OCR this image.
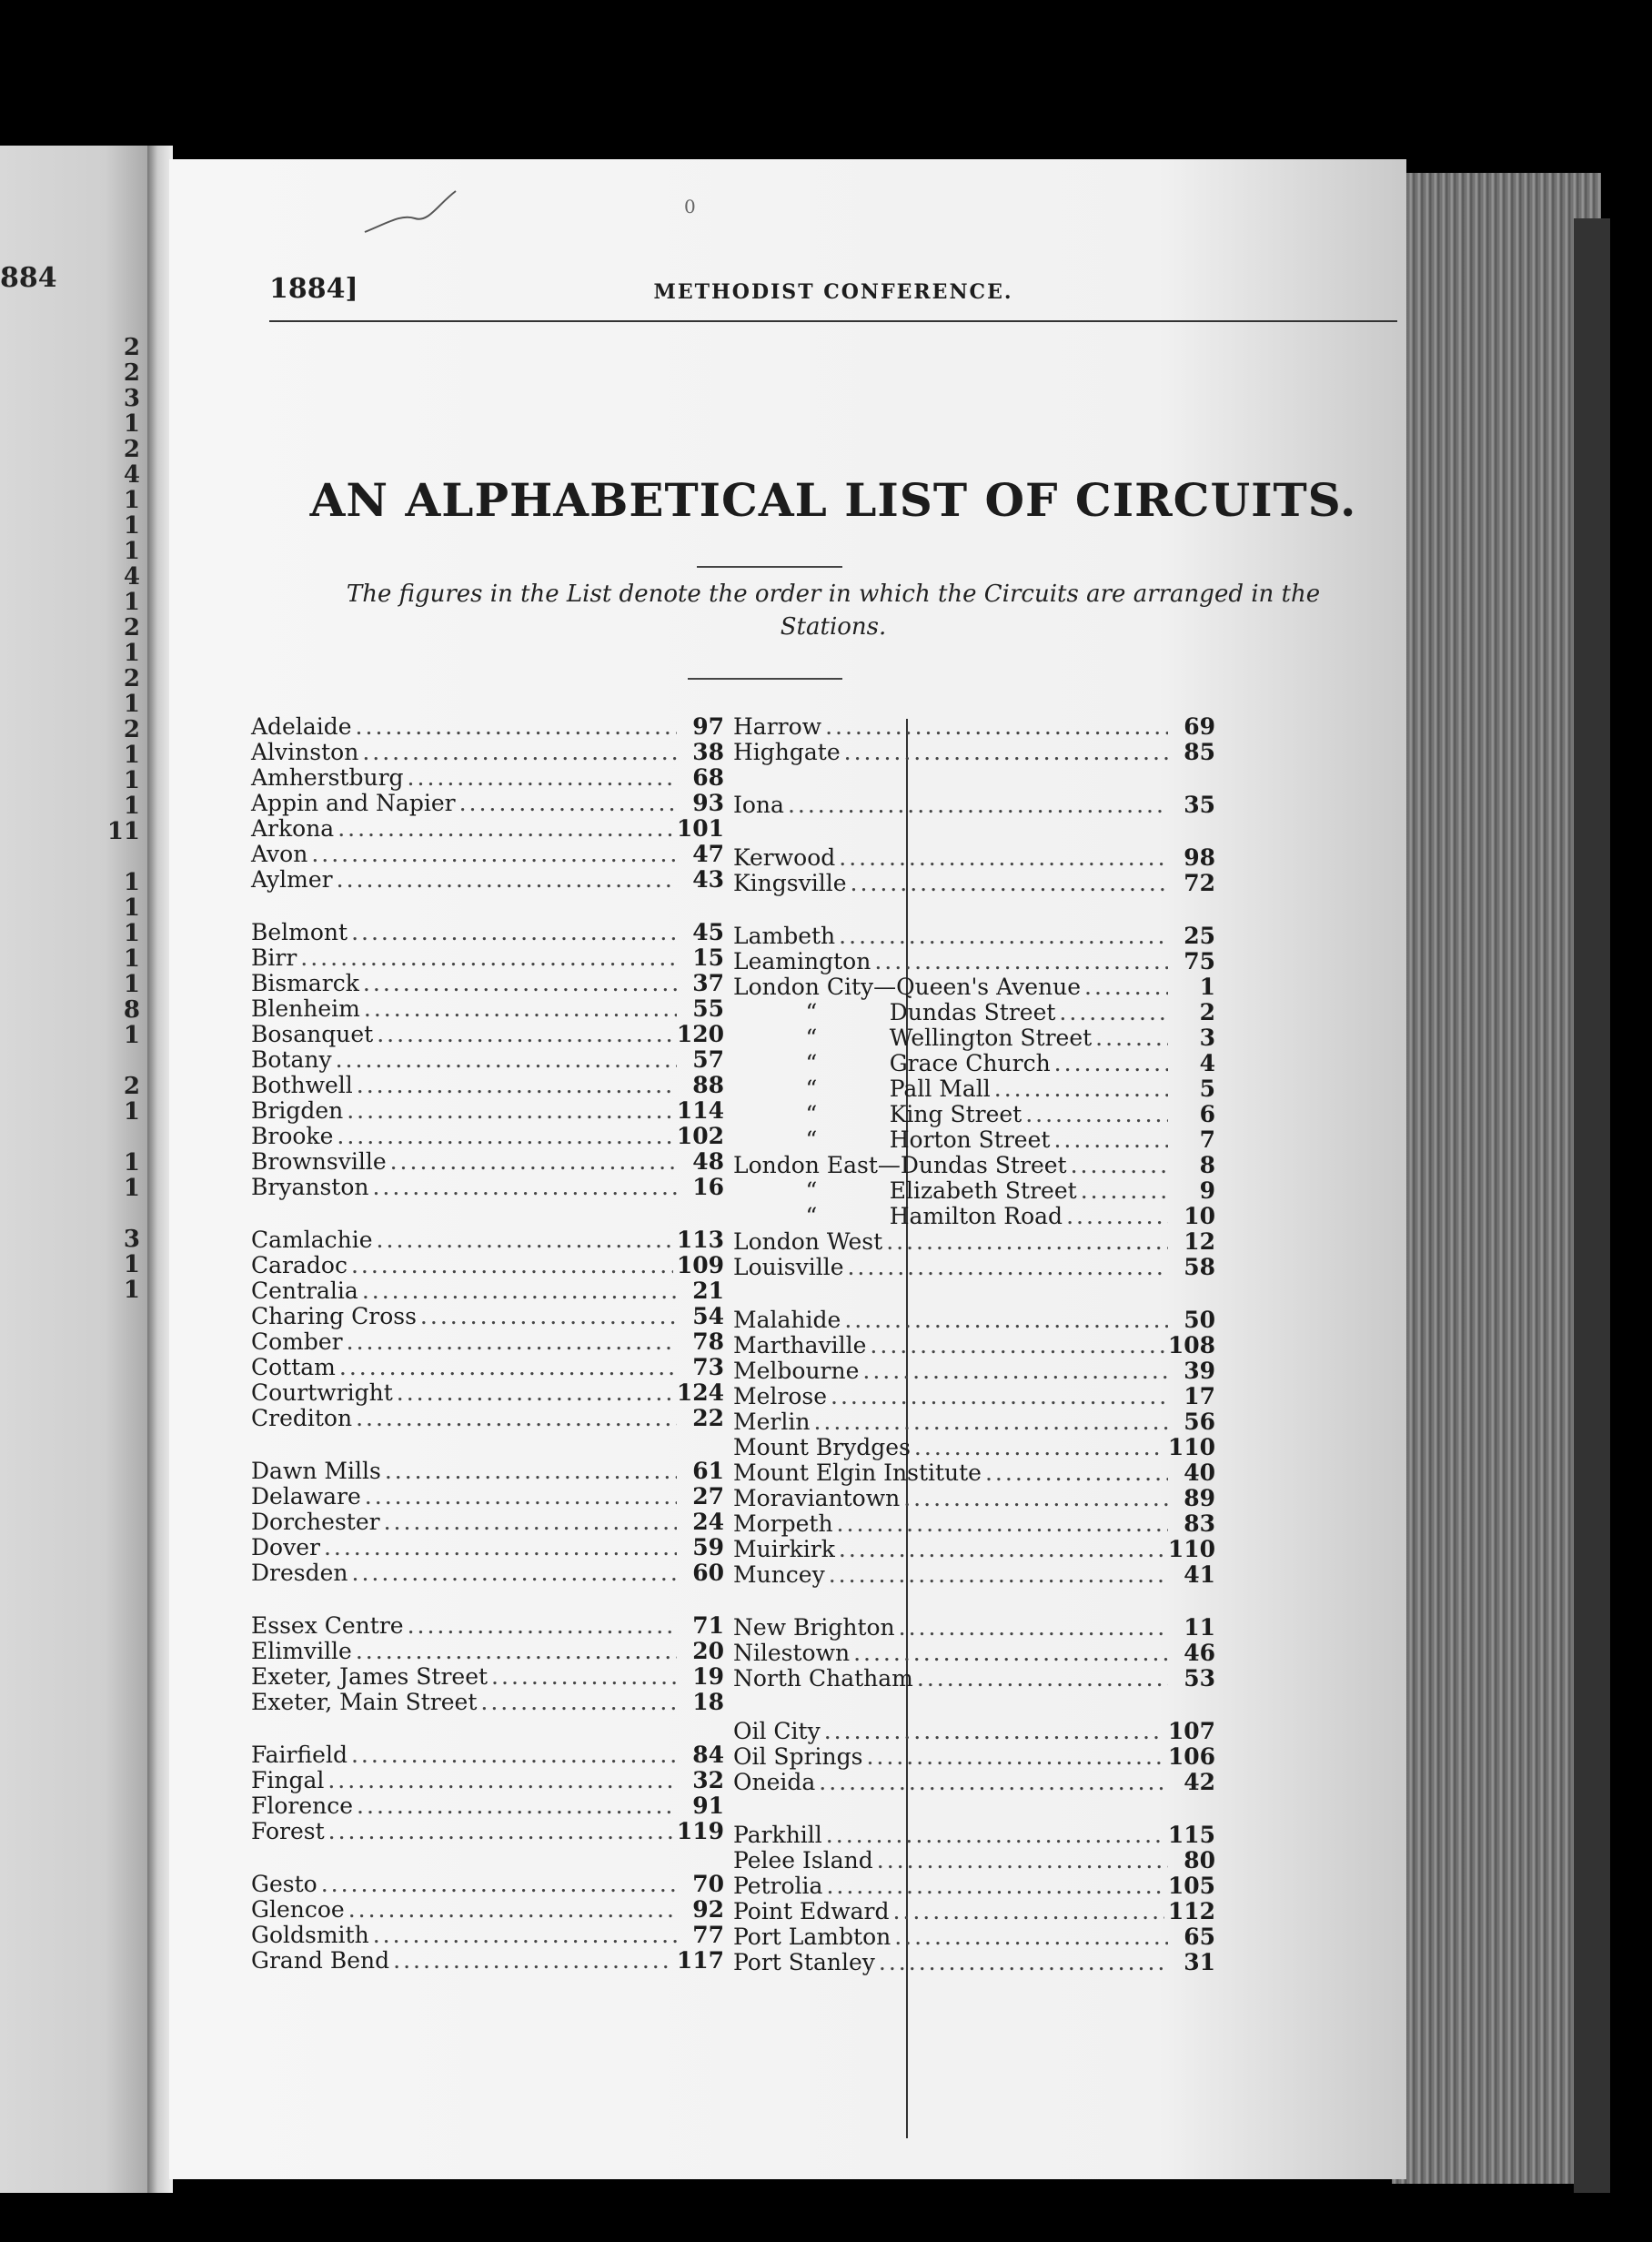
884
2
2
3
1
2
4
1
1
1
4
1
2
1
2
1
2
1
1
1
11
1
1
1
1
1
8
1
2
1
1
1
3
1
1
0
1884]	METHODIST CONFERENCE.
AN ALPHABETICAL LIST OF CIRCUITS.
The figures in the List denote the order in which the Circuits are arranged in the Stations.
Adelaide .....	97
Alvinston .....	38
Amherstburg .....	68
Appin and Napier .....	93
Arkona .....	101
Avon .....	47
Aylmer .....	43
Belmont .....	45
Birr .....	15
Bismarck .....	37
Blenheim .....	55
Bosanquet .....	120
Botany .....	57
Bothwell .....	88
Brigden .....	114
Brooke .....	102
Brownsville .....	48
Bryanston .....	16
Camlachie .....	113
Caradoc .....	109
Centralia .....	21
Charing Cross .....	54
Comber .....	78
Cottam .....	73
Courtwright .....	124
Crediton .....	22
Dawn Mills .....	61
Delaware .....	27
Dorchester .....	24
Dover .....	59
Dresden .....	60
Essex Centre .....	71
Elimville .....	20
Exeter, James Street .....	19
Exeter, Main Street .....	18
Fairfield .....	84
Fingal .....	32
Florence .....	91
Forest .....	119
Gesto .....	70
Glencoe .....	92
Goldsmith .....	77
Grand Bend .....	117
Harrow .....	69
Highgate .....	85
Iona .....	35
Kerwood .....	98
Kingsville .....	72
Lambeth .....	25
Leamington .....	75
London City—Queen's Avenue .....	1
“          Dundas Street .....	2
“          Wellington Street .....	3
“          Grace Church .....	4
“          Pall Mall .....	5
“          King Street .....	6
“          Horton Street .....	7
London East—Dundas Street .....	8
“          Elizabeth Street .....	9
“          Hamilton Road .....	10
London West .....	12
Louisville .....	58
Malahide .....	50
Marthaville .....	108
Melbourne .....	39
Melrose .....	17
Merlin .....	56
Mount Brydges .....	110
Mount Elgin Institute .....	40
Moraviantown .....	89
Morpeth .....	83
Muirkirk .....	110
Muncey .....	41
New Brighton .....	11
Nilestown .....	46
North Chatham .....	53
Oil City .....	107
Oil Springs .....	106
Oneida .....	42
Parkhill .....	115
Pelee Island .....	80
Petrolia .....	105
Point Edward .....	112
Port Lambton .....	65
Port Stanley .....	31
